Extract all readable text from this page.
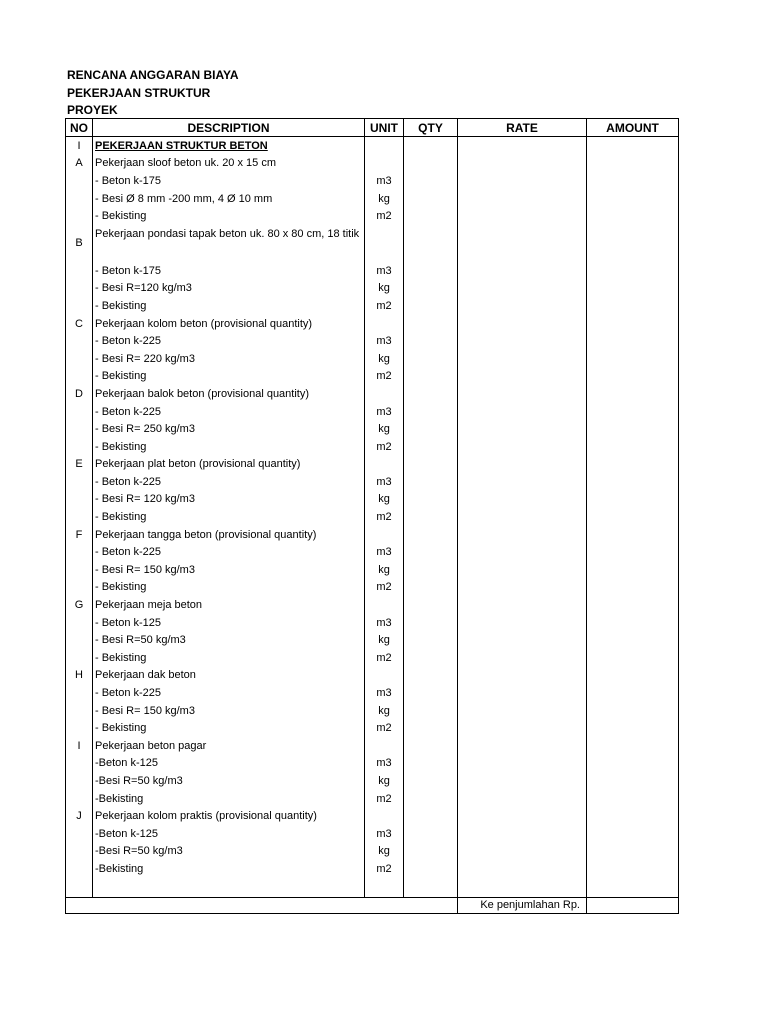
RENCANA ANGGARAN BIAYA
PEKERJAAN STRUKTUR
PROYEK
NO	DESCRIPTION	UNIT	QTY	RATE	AMOUNT
I	PEKERJAAN STRUKTUR BETON				
A	Pekerjaan sloof beton uk. 20 x 15 cm				
	- Beton k-175	m3			
	- Besi Ø 8 mm -200 mm, 4 Ø 10 mm	kg			
	- Bekisting	m2			
B	Pekerjaan pondasi tapak beton uk. 80 x 80 cm, 18 titik				
	- Beton k-175	m3			
	- Besi R=120 kg/m3	kg			
	- Bekisting	m2			
C	Pekerjaan kolom beton (provisional quantity)				
	- Beton k-225	m3			
	- Besi R= 220 kg/m3	kg			
	- Bekisting	m2			
D	Pekerjaan balok beton (provisional quantity)				
	- Beton k-225	m3			
	- Besi R= 250 kg/m3	kg			
	- Bekisting	m2			
E	Pekerjaan plat beton (provisional quantity)				
	- Beton k-225	m3			
	- Besi R= 120 kg/m3	kg			
	- Bekisting	m2			
F	Pekerjaan tangga beton (provisional quantity)				
	- Beton k-225	m3			
	- Besi R= 150 kg/m3	kg			
	- Bekisting	m2			
G	Pekerjaan meja beton				
	- Beton k-125	m3			
	- Besi R=50 kg/m3	kg			
	- Bekisting	m2			
H	Pekerjaan dak beton				
	- Beton k-225	m3			
	- Besi R= 150 kg/m3	kg			
	- Bekisting	m2			
I	Pekerjaan beton pagar				
	-Beton k-125	m3			
	-Besi R=50 kg/m3	kg			
	-Bekisting	m2			
J	Pekerjaan kolom praktis (provisional quantity)				
	-Beton k-125	m3			
	-Besi R=50 kg/m3	kg			
	-Bekisting	m2			

				Ke penjumlahan Rp.	
